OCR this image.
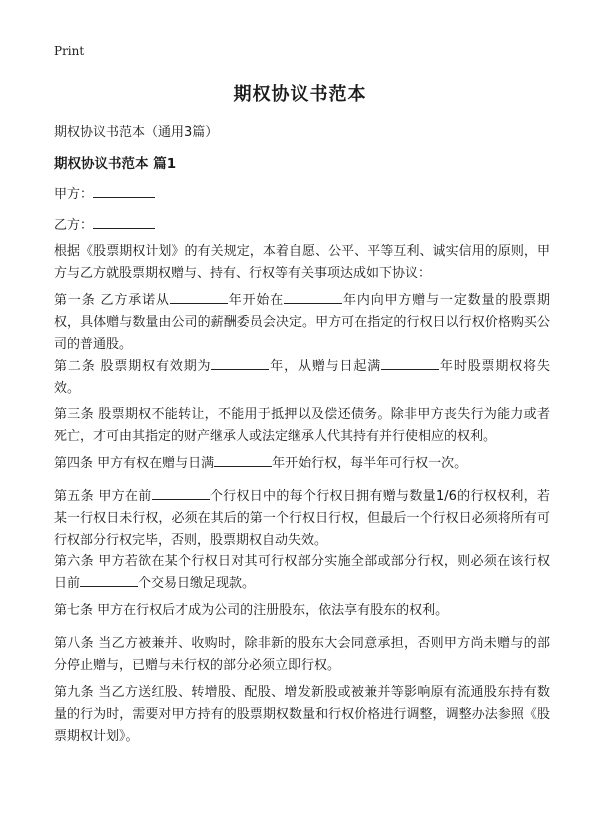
Print
期权协议书范本
期权协议书范本（通用3篇）
期权协议书范本 篇1
甲方：
乙方：
根据《股票期权计划》的有关规定，本着自愿、公平、平等互利、诚实信用的原则，甲方与乙方就股票期权赠与、持有、行权等有关事项达成如下协议：
第一条 乙方承诺从	年开始在	年内向甲方赠与一定数量的股票期权，具体赠与数量由公司的薪酬委员会决定。甲方可在指定的行权日以行权价格购买公司的普通股。
第二条 股票期权有效期为	年，从赠与日起满	年时股票期权将失效。
第三条 股票期权不能转让，不能用于抵押以及偿还债务。除非甲方丧失行为能力或者死亡，才可由其指定的财产继承人或法定继承人代其持有并行使相应的权利。
第四条 甲方有权在赠与日满	年开始行权，每半年可行权一次。
第五条 甲方在前	个行权日中的每个行权日拥有赠与数量1/6的行权权利，若某一行权日未行权，必须在其后的第一个行权日行权，但最后一个行权日必须将所有可行权部分行权完毕，否则，股票期权自动失效。
第六条 甲方若欲在某个行权日对其可行权部分实施全部或部分行权，则必须在该行权日前	个交易日缴足现款。
第七条 甲方在行权后才成为公司的注册股东，依法享有股东的权利。
第八条 当乙方被兼并、收购时，除非新的股东大会同意承担，否则甲方尚未赠与的部分停止赠与，已赠与未行权的部分必须立即行权。
第九条 当乙方送红股、转增股、配股、增发新股或被兼并等影响原有流通股东持有数量的行为时，需要对甲方持有的股票期权数量和行权价格进行调整，调整办法参照《股票期权计划》。
